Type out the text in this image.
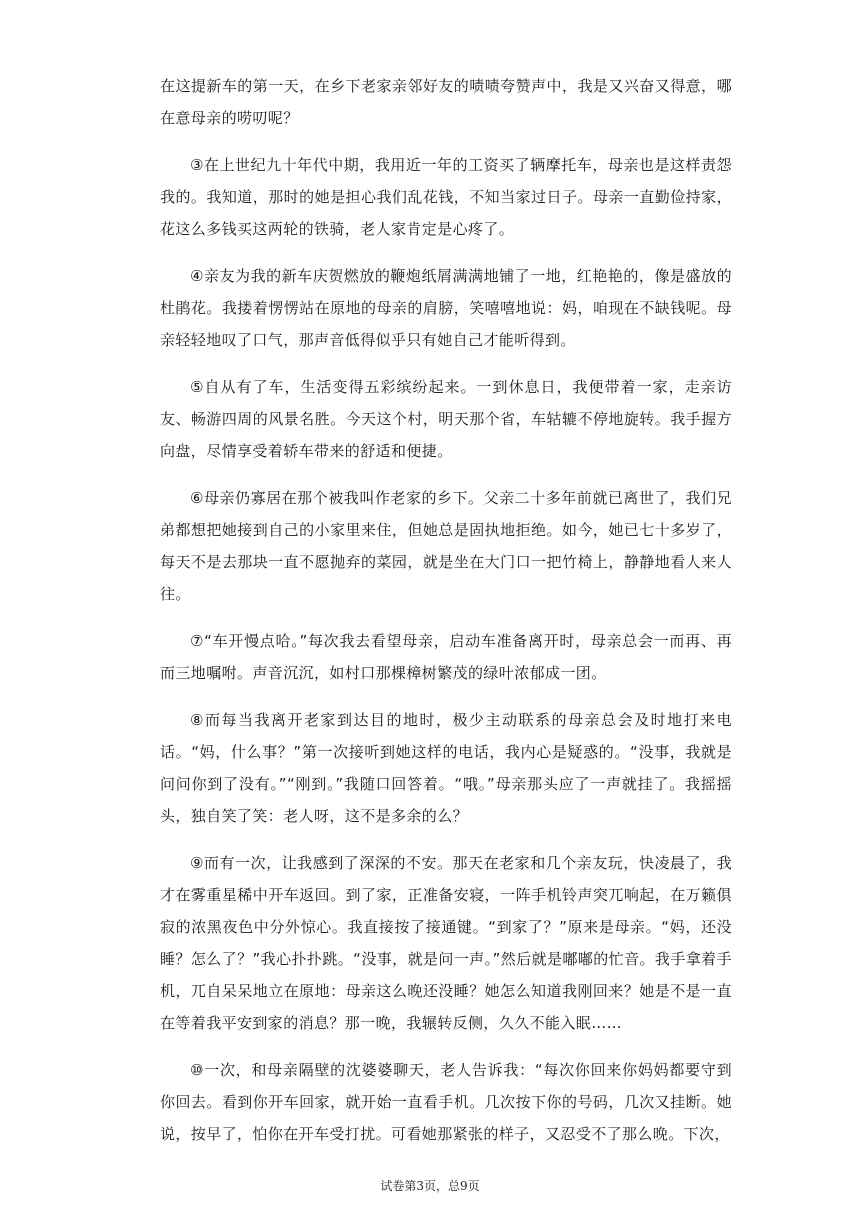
在这提新车的第一天，在乡下老家亲邻好友的啧啧夸赞声中，我是又兴奋又得意，哪在意母亲的唠叨呢？

③在上世纪九十年代中期，我用近一年的工资买了辆摩托车，母亲也是这样责怨我的。我知道，那时的她是担心我们乱花钱，不知当家过日子。母亲一直勤俭持家，花这么多钱买这两轮的铁骑，老人家肯定是心疼了。

④亲友为我的新车庆贺燃放的鞭炮纸屑满满地铺了一地，红艳艳的，像是盛放的杜鹃花。我搂着愣愣站在原地的母亲的肩膀，笑嘻嘻地说：妈，咱现在不缺钱呢。母亲轻轻地叹了口气，那声音低得似乎只有她自己才能听得到。

⑤自从有了车，生活变得五彩缤纷起来。一到休息日，我便带着一家，走亲访友、畅游四周的风景名胜。今天这个村，明天那个省，车轱辘不停地旋转。我手握方向盘，尽情享受着轿车带来的舒适和便捷。

⑥母亲仍寡居在那个被我叫作老家的乡下。父亲二十多年前就已离世了，我们兄弟都想把她接到自己的小家里来住，但她总是固执地拒绝。如今，她已七十多岁了，每天不是去那块一直不愿抛弃的菜园，就是坐在大门口一把竹椅上，静静地看人来人往。

⑦“车开慢点哈。”每次我去看望母亲，启动车准备离开时，母亲总会一而再、再而三地嘱咐。声音沉沉，如村口那棵樟树繁茂的绿叶浓郁成一团。

⑧而每当我离开老家到达目的地时，极少主动联系的母亲总会及时地打来电话。“妈，什么事？”第一次接听到她这样的电话，我内心是疑惑的。“没事，我就是问问你到了没有。”“刚到。”我随口回答着。“哦。”母亲那头应了一声就挂了。我摇摇头，独自笑了笑：老人呀，这不是多余的么？

⑨而有一次，让我感到了深深的不安。那天在老家和几个亲友玩，快凌晨了，我才在雾重星稀中开车返回。到了家，正准备安寝，一阵手机铃声突兀响起，在万籁俱寂的浓黑夜色中分外惊心。我直接按了接通键。“到家了？”原来是母亲。“妈，还没睡？怎么了？”我心扑扑跳。“没事，就是问一声。”然后就是嘟嘟的忙音。我手拿着手机，兀自呆呆地立在原地：母亲这么晚还没睡？她怎么知道我刚回来？她是不是一直在等着我平安到家的消息？那一晚，我辗转反侧，久久不能入眠……

⑩一次，和母亲隔壁的沈婆婆聊天，老人告诉我：“每次你回来你妈妈都要守到你回去。看到你开车回家，就开始一直看手机。几次按下你的号码，几次又挂断。她说，按早了，怕你在开车受打扰。可看她那紧张的样子，又忍受不了那么晚。下次，

试卷第3页，总9页
